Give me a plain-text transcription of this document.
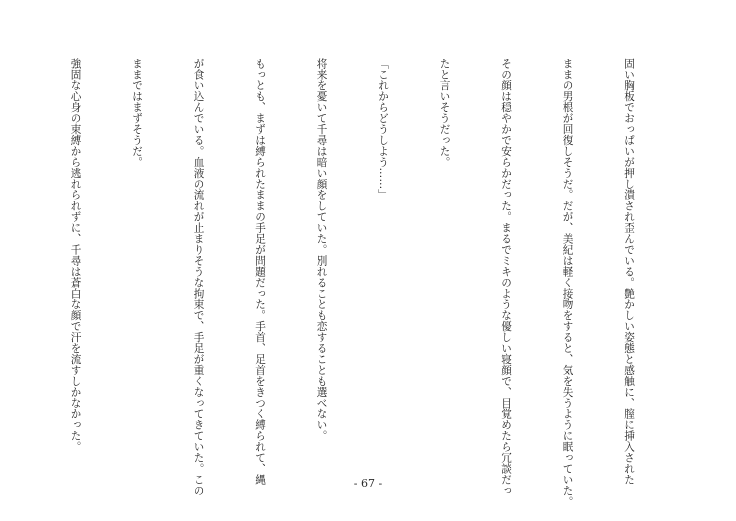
固い胸板でおっぱいが押し潰され歪んでいる。艶かしい姿態と感触に、膣に挿入された

ままの男根が回復しそうだ。だが、美紀は軽く接吻をすると、気を失うように眠っていた。

その顔は穏やかで安らかだった。まるでミキのような優しい寝顔で、目覚めたら冗談だっ

たと言いそうだった。

「これからどうしよう……」

将来を憂いて千尋は暗い顔をしていた。別れることも恋することも選べない。

もっとも、まずは縛られたままの手足が問題だった。手首、足首をきつく縛られて、縄

が食い込んでいる。血液の流れが止まりそうな拘束で、手足が重くなってきていた。この

ままではまずそうだ。

強固な心身の束縛から逃れられずに、千尋は蒼白な顔で汗を流すしかなかった。

- 67 -
